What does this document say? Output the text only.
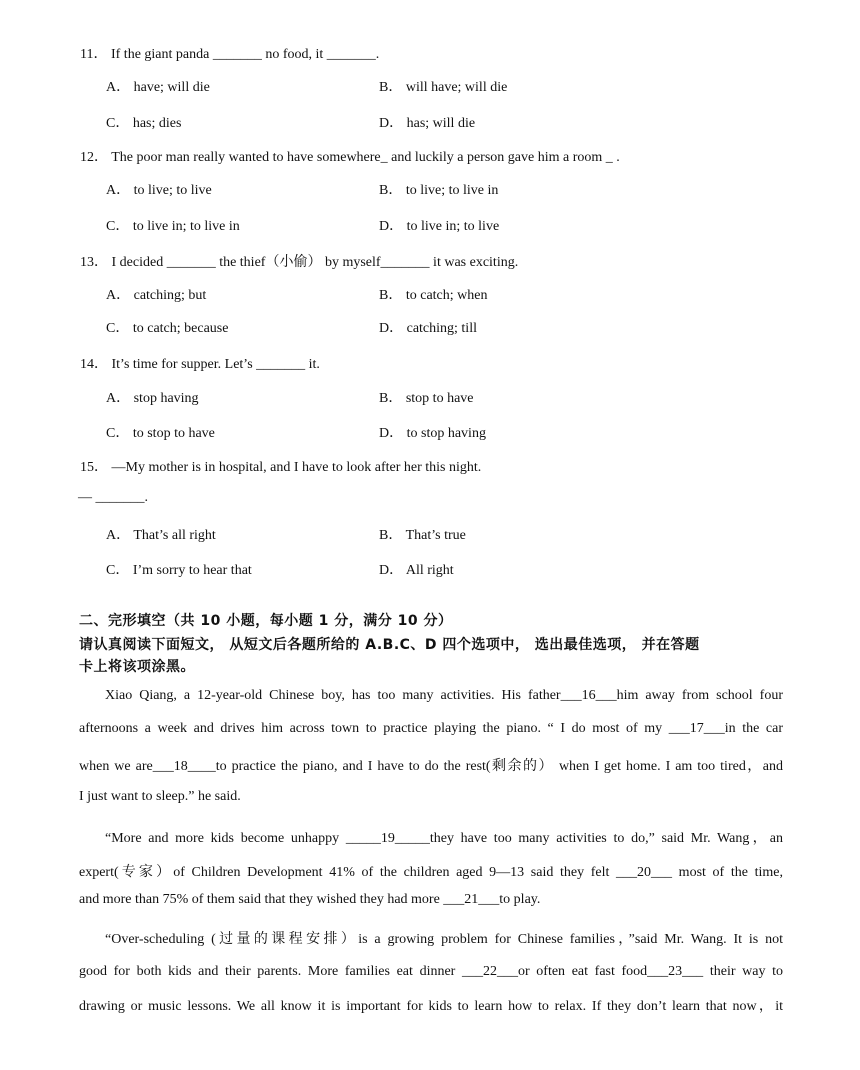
11． If the giant panda _______ no food, it _______.
A． have; will die	B． will have; will die
C． has; dies	D． has; will die
12． The poor man really wanted to have somewhere_ and luckily a person gave him a room _ .
A． to live; to live	B． to live; to live in
C． to live in; to live in	D． to live in; to live
13． I decided _______ the thief（小偷） by myself_______ it was exciting.
A． catching; but	B． to catch; when
C． to catch; because	D． catching; till
14． It’s time for supper. Let’s _______ it.
A． stop having	B． stop to have
C． to stop to have	D． to stop having
15． —My mother is in hospital, and I have to look after her this night.
— _______.
A． That’s all right	B． That’s true
C． I’m sorry to hear that	D． All right
二、完形填空（共 10 小题，每小题 1 分，满分 10 分）
请认真阅读下面短文， 从短文后各题所给的 A.B.C、D 四个选项中， 选出最佳选项， 并在答题
卡上将该项涂黑。
Xiao Qiang, a 12-year-old Chinese boy, has too many activities. His father___16___him away from school four
afternoons a week and drives him across town to practice playing the piano. “ I do most of my ___17___in the car
when we are___18____to practice the piano, and I have to do the rest(剩余的） when I get home. I am too tired，and
I just want to sleep.” he said.
“More and more kids become unhappy _____19_____they have too many activities to do,” said Mr. Wang，an
expert(专家）of Children Development 41% of the children aged 9—13 said they felt ___20___ most of the time,
and more than 75% of them said that they wished they had more ___21___to play.
“Over-scheduling (过量的课程安排）is a growing problem for Chinese families，”said Mr. Wang. It is not
good for both kids and their parents. More families eat dinner ___22___or often eat fast food___23___ their way to
drawing or music lessons. We all know it is important for kids to learn how to relax. If they don’t learn that now，it
